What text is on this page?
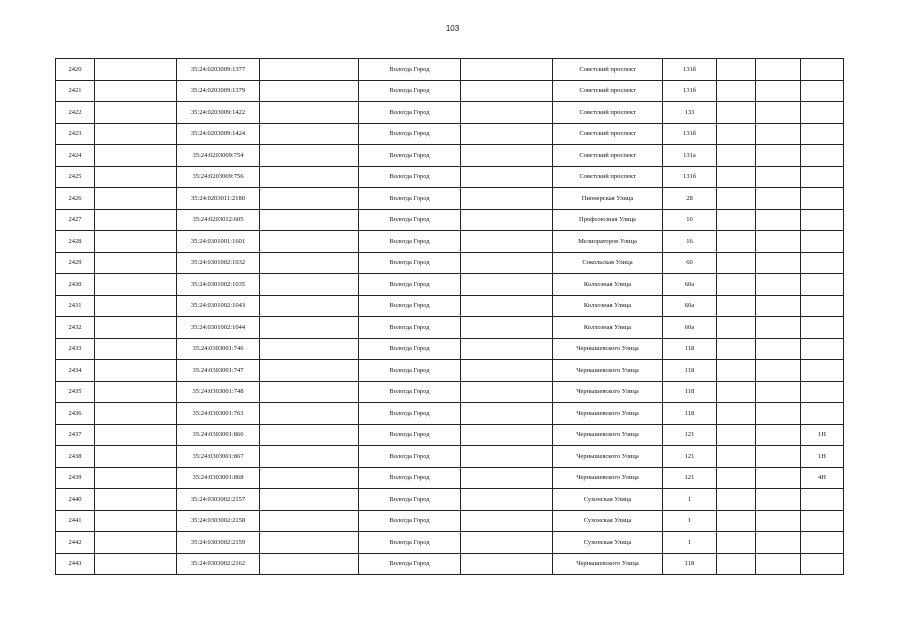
103
2420		35:24:0203009:1377		Вологда Город		Советский проспект	131б			
2421		35:24:0203009:1379		Вологда Город		Советский проспект	131б			
2422		35:24:0203009:1422		Вологда Город		Советский проспект	133			
2423		35:24:0203009:1424		Вологда Город		Советский проспект	131б			
2424		35:24:0203009:754		Вологда Город		Советский проспект	131а			
2425		35:24:0203009:756		Вологда Город		Советский проспект	131б			
2426		35:24:0203011:2180		Вологда Город		Пионерская Улица	28			
2427		35:24:0203012:605		Вологда Город		Профсоюзная Улица	10			
2428		35:24:0301001:1601		Вологда Город		Мелиораторов Улица	16			
2429		35:24:0301002:1032		Вологда Город		Сокольская Улица	60			
2430		35:24:0301002:1035		Вологда Город		Колхозная Улица	60а			
2431		35:24:0301002:1043		Вологда Город		Колхозная Улица	60а			
2432		35:24:0301002:1044		Вологда Город		Колхозная Улица	60а			
2433		35:24:0303001:746		Вологда Город		Чернышевского Улица	118			
2434		35:24:0303001:747		Вологда Город		Чернышевского Улица	118			
2435		35:24:0303001:748		Вологда Город		Чернышевского Улица	118			
2436		35:24:0303001:763		Вологда Город		Чернышевского Улица	118			
2437		35:24:0303001:866		Вологда Город		Чернышевского Улица	121			1Н
2438		35:24:0303001:867		Вологда Город		Чернышевского Улица	121			1Н
2439		35:24:0303001:868		Вологда Город		Чернышевского Улица	121			4Н
2440		35:24:0303002:2157		Вологда Город		Сухонская Улица	1			
2441		35:24:0303002:2158		Вологда Город		Сухонская Улица	1			
2442		35:24:0303002:2159		Вологда Город		Сухонская Улица	1			
2443		35:24:0303002:2162		Вологда Город		Чернышевского Улица	118			
